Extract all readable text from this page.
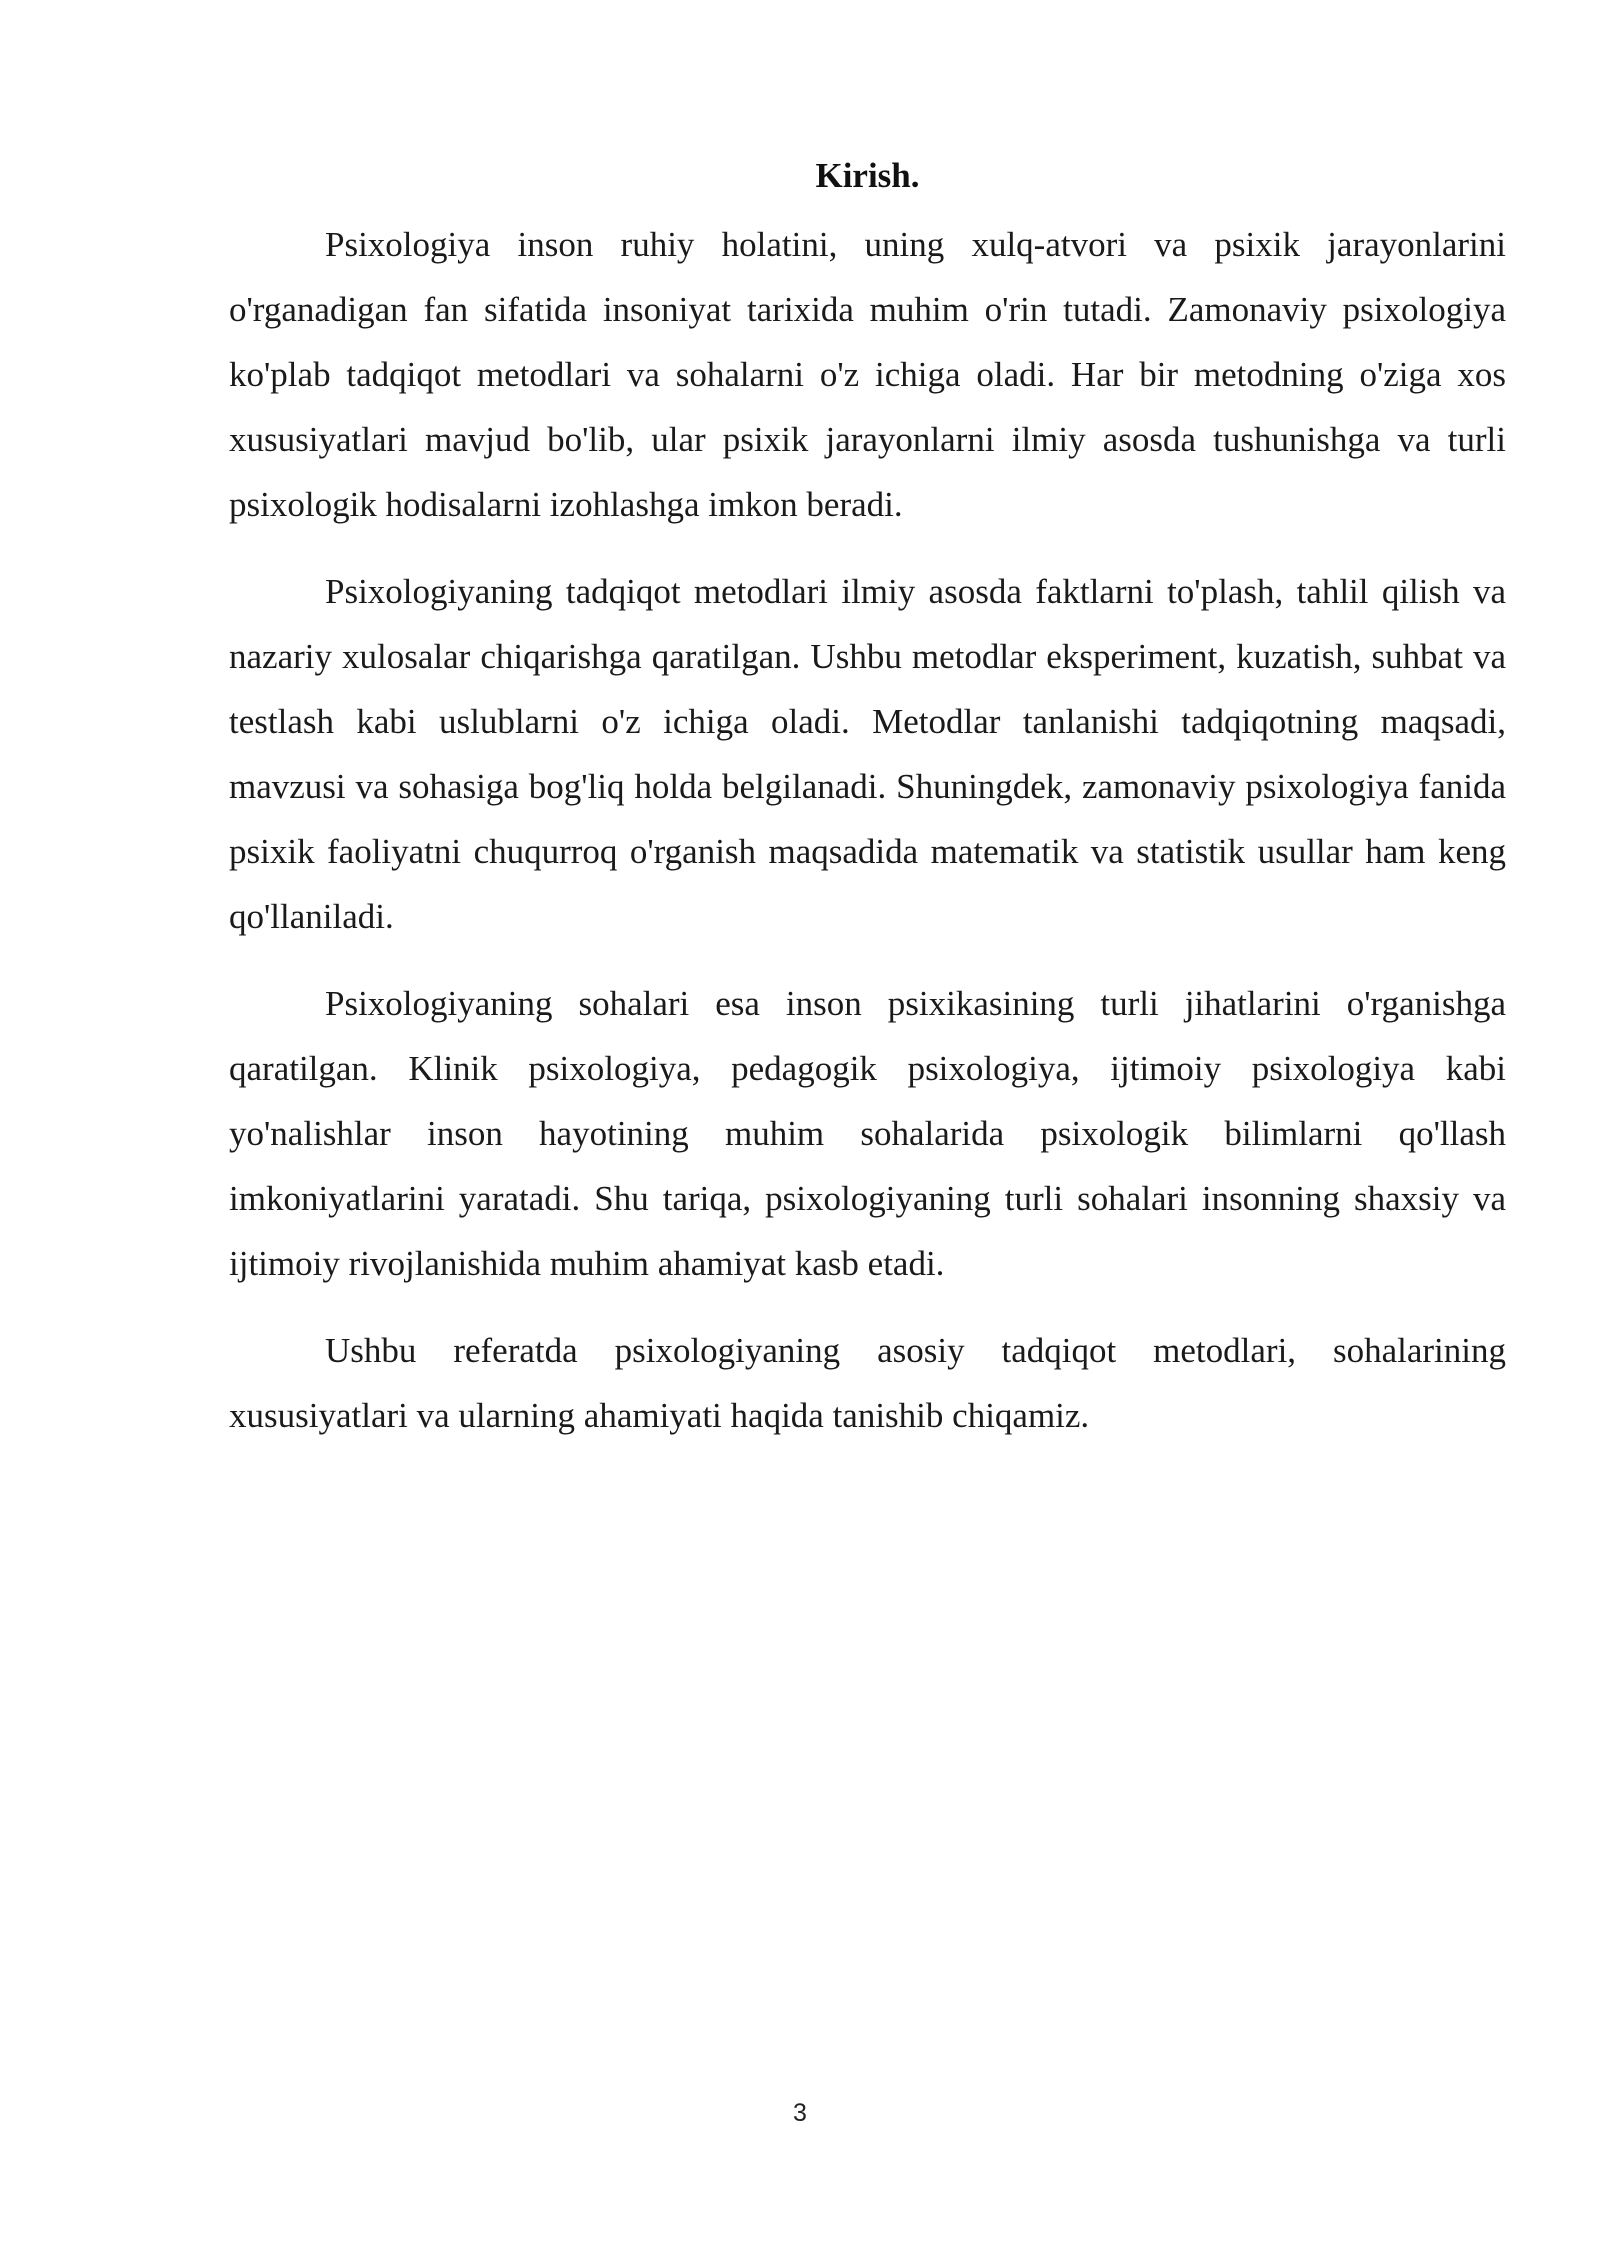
Kirish.

Psixologiya inson ruhiy holatini, uning xulq-atvori va psixik jarayonlarini o'rganadigan fan sifatida insoniyat tarixida muhim o'rin tutadi. Zamonaviy psixologiya ko'plab tadqiqot metodlari va sohalarni o'z ichiga oladi. Har bir metodning o'ziga xos xususiyatlari mavjud bo'lib, ular psixik jarayonlarni ilmiy asosda tushunishga va turli psixologik hodisalarni izohlashga imkon beradi.

Psixologiyaning tadqiqot metodlari ilmiy asosda faktlarni to'plash, tahlil qilish va nazariy xulosalar chiqarishga qaratilgan. Ushbu metodlar eksperiment, kuzatish, suhbat va testlash kabi uslublarni o'z ichiga oladi. Metodlar tanlanishi tadqiqotning maqsadi, mavzusi va sohasiga bog'liq holda belgilanadi. Shuningdek, zamonaviy psixologiya fanida psixik faoliyatni chuqurroq o'rganish maqsadida matematik va statistik usullar ham keng qo'llaniladi.

Psixologiyaning sohalari esa inson psixikasining turli jihatlarini o'rganishga qaratilgan. Klinik psixologiya, pedagogik psixologiya, ijtimoiy psixologiya kabi yo'nalishlar inson hayotining muhim sohalarida psixologik bilimlarni qo'llash imkoniyatlarini yaratadi. Shu tariqa, psixologiyaning turli sohalari insonning shaxsiy va ijtimoiy rivojlanishida muhim ahamiyat kasb etadi.

Ushbu referatda psixologiyaning asosiy tadqiqot metodlari, sohalarining xususiyatlari va ularning ahamiyati haqida tanishib chiqamiz.

3
